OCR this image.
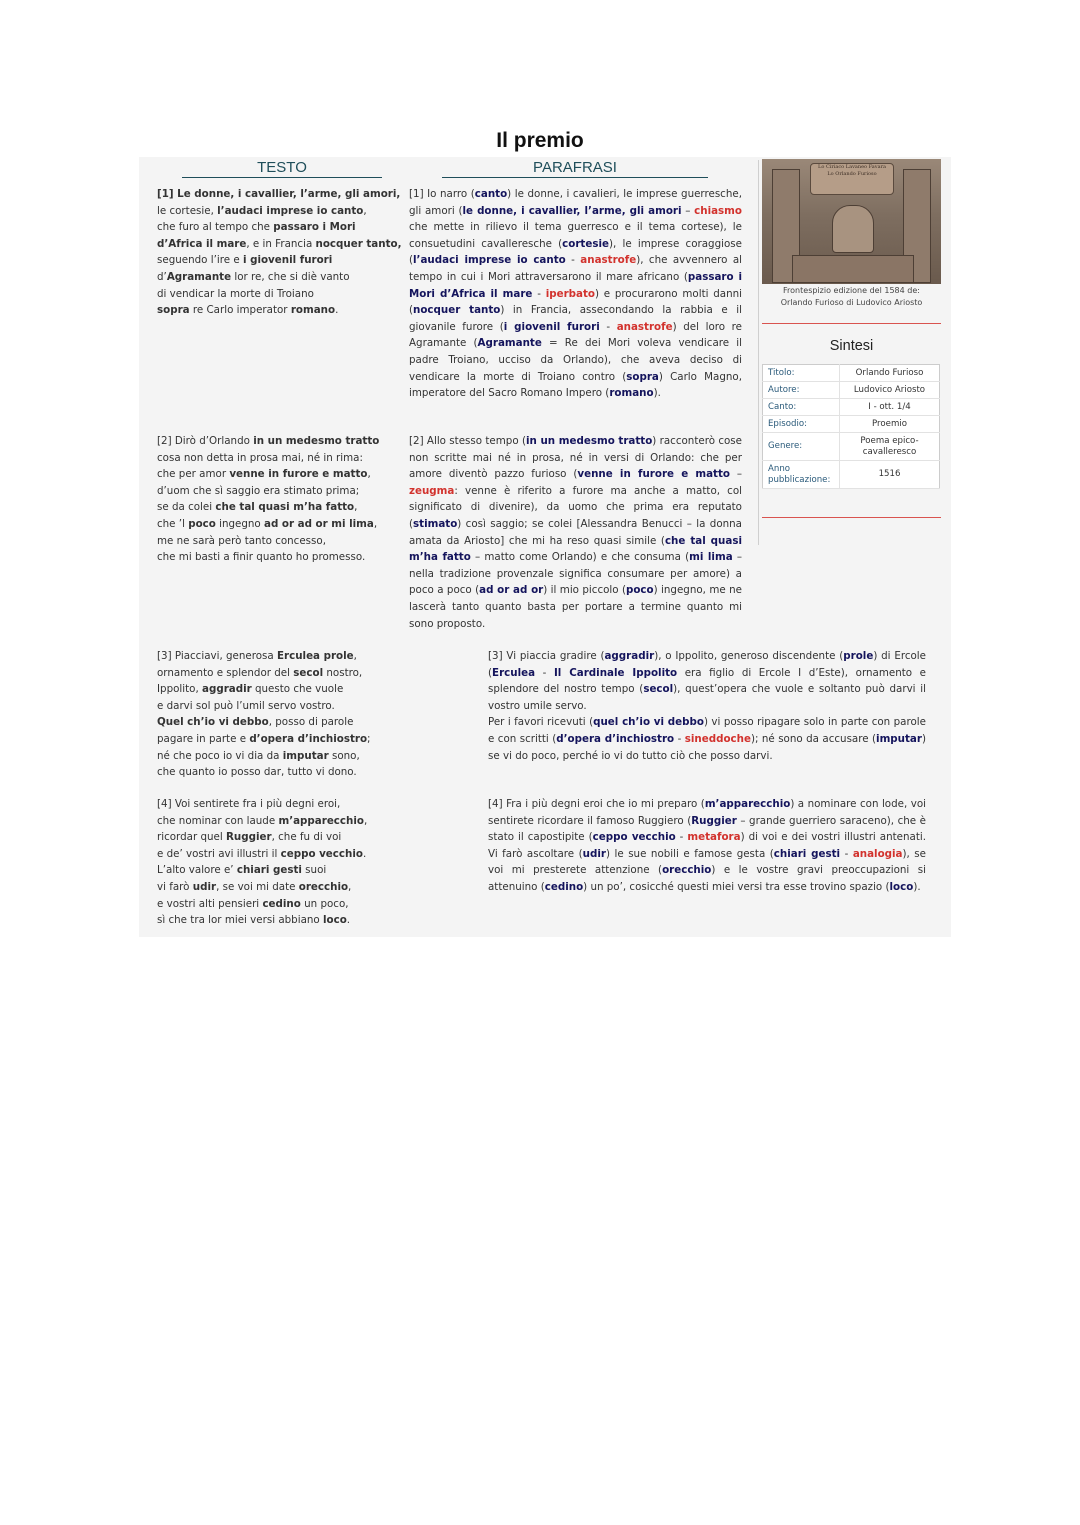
Il premio
TESTO	PARAFRASI
[1] Le donne, i cavallier, l’arme, gli amori,
le cortesie, l’audaci imprese io canto,
che furo al tempo che passaro i Mori
d’Africa il mare, e in Francia nocquer tanto,
seguendo l’ire e i giovenil furori
d’Agramante lor re, che si diè vanto
di vendicar la morte di Troiano
sopra re Carlo imperator romano.
[1] Io narro (canto) le donne, i cavalieri, le imprese guerresche, gli amori (le donne, i cavallier, l’arme, gli amori – chiasmo che mette in rilievo il tema guerresco e il tema cortese), le consuetudini cavalleresche (cortesie), le imprese coraggiose (l’audaci imprese io canto - anastrofe), che avvennero al tempo in cui i Mori attraversarono il mare africano (passaro i Mori d’Africa il mare - iperbato) e procurarono molti danni (nocquer tanto) in Francia, assecondando la rabbia e il giovanile furore (i giovenil furori - anastrofe) del loro re Agramante (Agramante = Re dei Mori voleva vendicare il padre Troiano, ucciso da Orlando), che aveva deciso di vendicare la morte di Troiano contro (sopra) Carlo Magno, imperatore del Sacro Romano Impero (romano).
[2] Dirò d’Orlando in un medesmo tratto
cosa non detta in prosa mai, né in rima:
che per amor venne in furore e matto,
d’uom che sì saggio era stimato prima;
se da colei che tal quasi m’ha fatto,
che ’l poco ingegno ad or ad or mi lima,
me ne sarà però tanto concesso,
che mi basti a finir quanto ho promesso.
[2] Allo stesso tempo (in un medesmo tratto) racconterò cose non scritte mai né in prosa, né in versi di Orlando: che per amore diventò pazzo furioso (venne in furore e matto – zeugma: venne è riferito a furore ma anche a matto, col significato di divenire), da uomo che prima era reputato (stimato) così saggio; se colei [Alessandra Benucci – la donna amata da Ariosto] che mi ha reso quasi simile (che tal quasi m’ha fatto – matto come Orlando) e che consuma (mi lima – nella tradizione provenzale significa consumare per amore) a poco a poco (ad or ad or) il mio piccolo (poco) ingegno, me ne lascerà tanto quanto basta per portare a termine quanto mi sono proposto.
[3] Piacciavi, generosa Erculea prole,
ornamento e splendor del secol nostro,
Ippolito, aggradir questo che vuole
e darvi sol può l’umil servo vostro.
Quel ch’io vi debbo, posso di parole
pagare in parte e d’opera d’inchiostro;
né che poco io vi dia da imputar sono,
che quanto io posso dar, tutto vi dono.
[3] Vi piaccia gradire (aggradir), o Ippolito, generoso discendente (prole) di Ercole (Erculea - Il Cardinale Ippolito era figlio di Ercole I d’Este), ornamento e splendore del nostro tempo (secol), quest’opera che vuole e soltanto può darvi il vostro umile servo.
Per i favori ricevuti (quel ch’io vi debbo) vi posso ripagare solo in parte con parole e con scritti (d’opera d’inchiostro - sineddoche); né sono da accusare (imputar) se vi do poco, perché io vi do tutto ciò che posso darvi.
[4] Voi sentirete fra i più degni eroi,
che nominar con laude m’apparecchio,
ricordar quel Ruggier, che fu di voi
e de’ vostri avi illustri il ceppo vecchio.
L’alto valore e’ chiari gesti suoi
vi farò udir, se voi mi date orecchio,
e vostri alti pensieri cedino un poco,
sì che tra lor miei versi abbiano loco.
[4] Fra i più degni eroi che io mi preparo (m’apparecchio) a nominare con lode, voi sentirete ricordare il famoso Ruggiero (Ruggier – grande guerriero saraceno), che è stato il capostipite (ceppo vecchio - metafora) di voi e dei vostri illustri antenati. Vi farò ascoltare (udir) le sue nobili e famose gesta (chiari gesti - analogia), se voi mi presterete attenzione (orecchio) e le vostre gravi preoccupazioni si attenuino (cedino) un po’, cosicché questi miei versi tra esse trovino spazio (loco).
Lo Ciriaco Lavaneo Favara
Lo Orlando Furioso
Frontespizio edizione del 1584 de:
Orlando Furioso di Ludovico Ariosto
Sintesi
Titolo:	Orlando Furioso
Autore:	Ludovico Ariosto
Canto:	I - ott. 1/4
Episodio:	Proemio
Genere:	Poema epico-cavalleresco
Anno pubblicazione:	1516
